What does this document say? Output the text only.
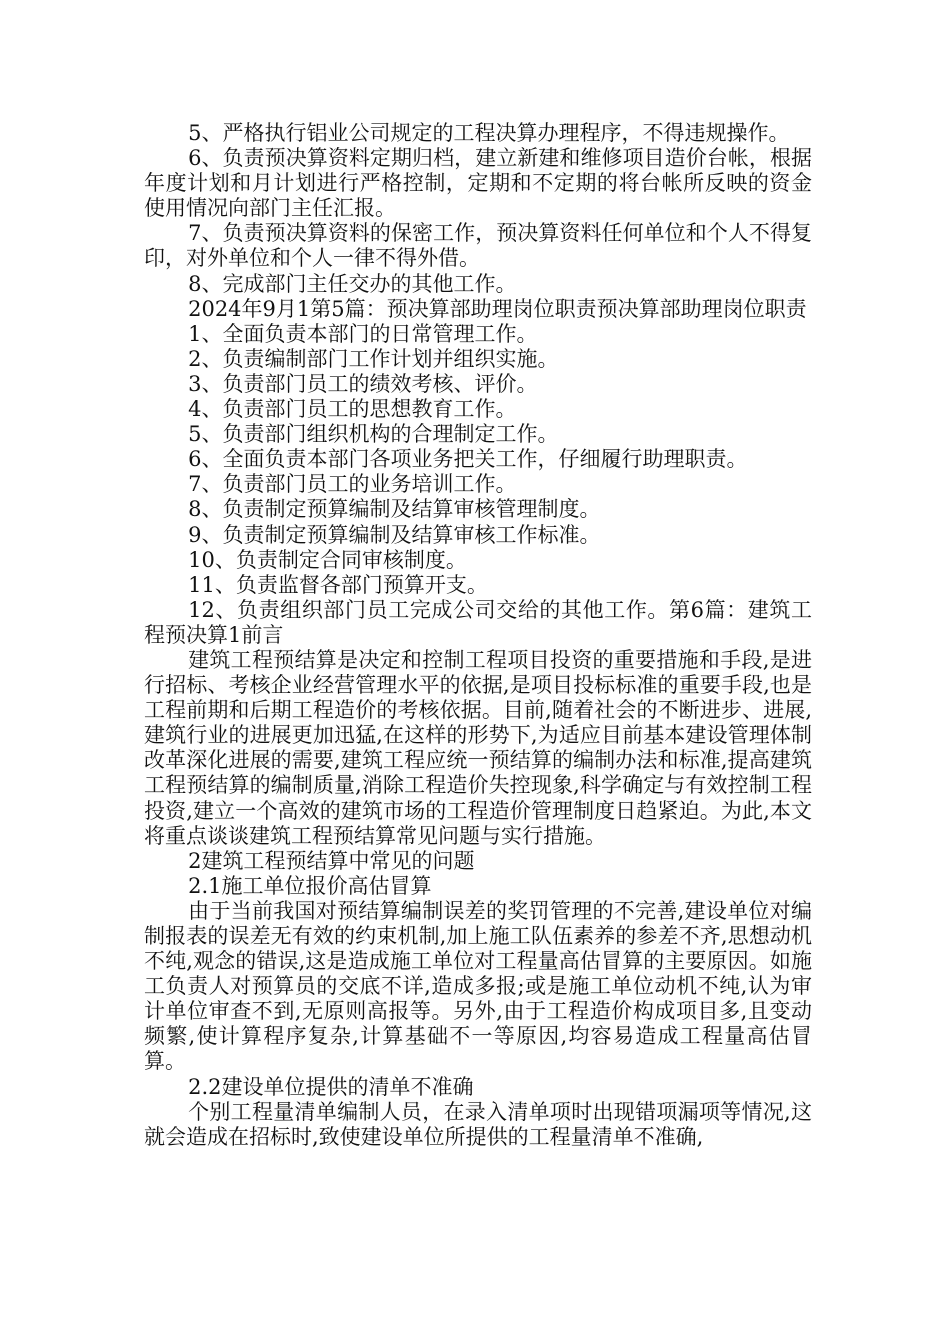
5、严格执行铝业公司规定的工程决算办理程序，不得违规操作。

6、负责预决算资料定期归档，建立新建和维修项目造价台帐，根据年度计划和月计划进行严格控制，定期和不定期的将台帐所反映的资金使用情况向部门主任汇报。

7、负责预决算资料的保密工作，预决算资料任何单位和个人不得复印，对外单位和个人一律不得外借。

8、完成部门主任交办的其他工作。

2024年9月1第5篇：预决算部助理岗位职责预决算部助理岗位职责

1、全面负责本部门的日常管理工作。

2、负责编制部门工作计划并组织实施。

3、负责部门员工的绩效考核、评价。

4、负责部门员工的思想教育工作。

5、负责部门组织机构的合理制定工作。

6、全面负责本部门各项业务把关工作，仔细履行助理职责。

7、负责部门员工的业务培训工作。

8、负责制定预算编制及结算审核管理制度。

9、负责制定预算编制及结算审核工作标准。

10、负责制定合同审核制度。

11、负责监督各部门预算开支。

12、负责组织部门员工完成公司交给的其他工作。第6篇：建筑工程预决算1前言

建筑工程预结算是决定和控制工程项目投资的重要措施和手段,是进行招标、考核企业经营管理水平的依据,是项目投标标准的重要手段,也是工程前期和后期工程造价的考核依据。目前,随着社会的不断进步、进展,建筑行业的进展更加迅猛,在这样的形势下,为适应目前基本建设管理体制改革深化进展的需要,建筑工程应统一预结算的编制办法和标准,提高建筑工程预结算的编制质量,消除工程造价失控现象,科学确定与有效控制工程投资,建立一个高效的建筑市场的工程造价管理制度日趋紧迫。为此,本文将重点谈谈建筑工程预结算常见问题与实行措施。

2建筑工程预结算中常见的问题

2.1施工单位报价高估冒算

由于当前我国对预结算编制误差的奖罚管理的不完善,建设单位对编制报表的误差无有效的约束机制,加上施工队伍素养的参差不齐,思想动机不纯,观念的错误,这是造成施工单位对工程量高估冒算的主要原因。如施工负责人对预算员的交底不详,造成多报;或是施工单位动机不纯,认为审计单位审查不到,无原则高报等。另外,由于工程造价构成项目多,且变动频繁,使计算程序复杂,计算基础不一等原因,均容易造成工程量高估冒算。

2.2建设单位提供的清单不准确

个别工程量清单编制人员，在录入清单项时出现错项漏项等情况,这就会造成在招标时,致使建设单位所提供的工程量清单不准确,
